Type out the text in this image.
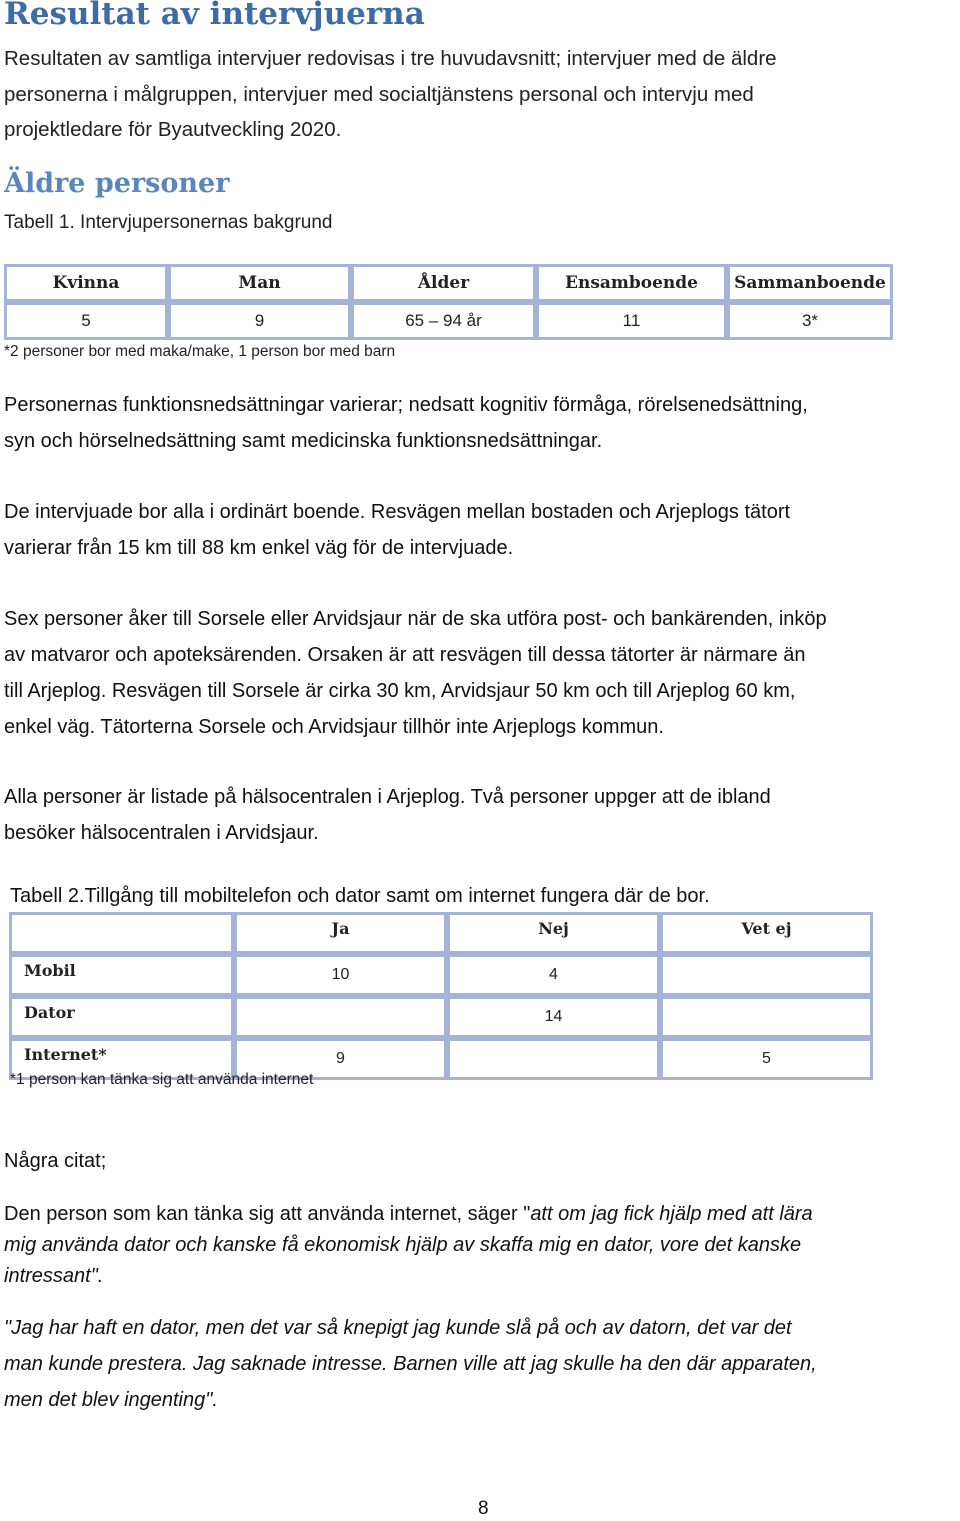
Resultat av intervjuerna
Resultaten av samtliga intervjuer redovisas i tre huvudavsnitt; intervjuer med de äldre
personerna i målgruppen, intervjuer med socialtjänstens personal och intervju med
projektledare för Byautveckling 2020.
Äldre personer
Tabell 1. Intervjupersonernas bakgrund
Kvinna	Man	Ålder	Ensamboende	Sammanboende
5	9	65 – 94 år	11	3*
*2 personer bor med maka/make, 1 person bor med barn
Personernas funktionsnedsättningar varierar; nedsatt kognitiv förmåga, rörelsenedsättning,
syn och hörselnedsättning samt medicinska funktionsnedsättningar.
De intervjuade bor alla i ordinärt boende. Resvägen mellan bostaden och Arjeplogs tätort
varierar från 15 km till 88 km enkel väg för de intervjuade.
Sex personer åker till Sorsele eller Arvidsjaur när de ska utföra post- och bankärenden, inköp
av matvaror och apoteksärenden. Orsaken är att resvägen till dessa tätorter är närmare än
till Arjeplog. Resvägen till Sorsele är cirka 30 km, Arvidsjaur 50 km och till Arjeplog 60 km,
enkel väg. Tätorterna Sorsele och Arvidsjaur tillhör inte Arjeplogs kommun.
Alla personer är listade på hälsocentralen i Arjeplog. Två personer uppger att de ibland
besöker hälsocentralen i Arvidsjaur.
Tabell 2.Tillgång till mobiltelefon och dator samt om internet fungera där de bor.
	Ja	Nej	Vet ej
Mobil	10	4	
Dator		14	
Internet*	9		5
*1 person kan tänka sig att använda internet
Några citat;
Den person som kan tänka sig att använda internet, säger "att om jag fick hjälp med att lära
mig använda dator och kanske få ekonomisk hjälp av skaffa mig en dator, vore det kanske
intressant".
"Jag har haft en dator, men det var så knepigt jag kunde slå på och av datorn, det var det
man kunde prestera. Jag saknade intresse. Barnen ville att jag skulle ha den där apparaten,
men det blev ingenting".
8
